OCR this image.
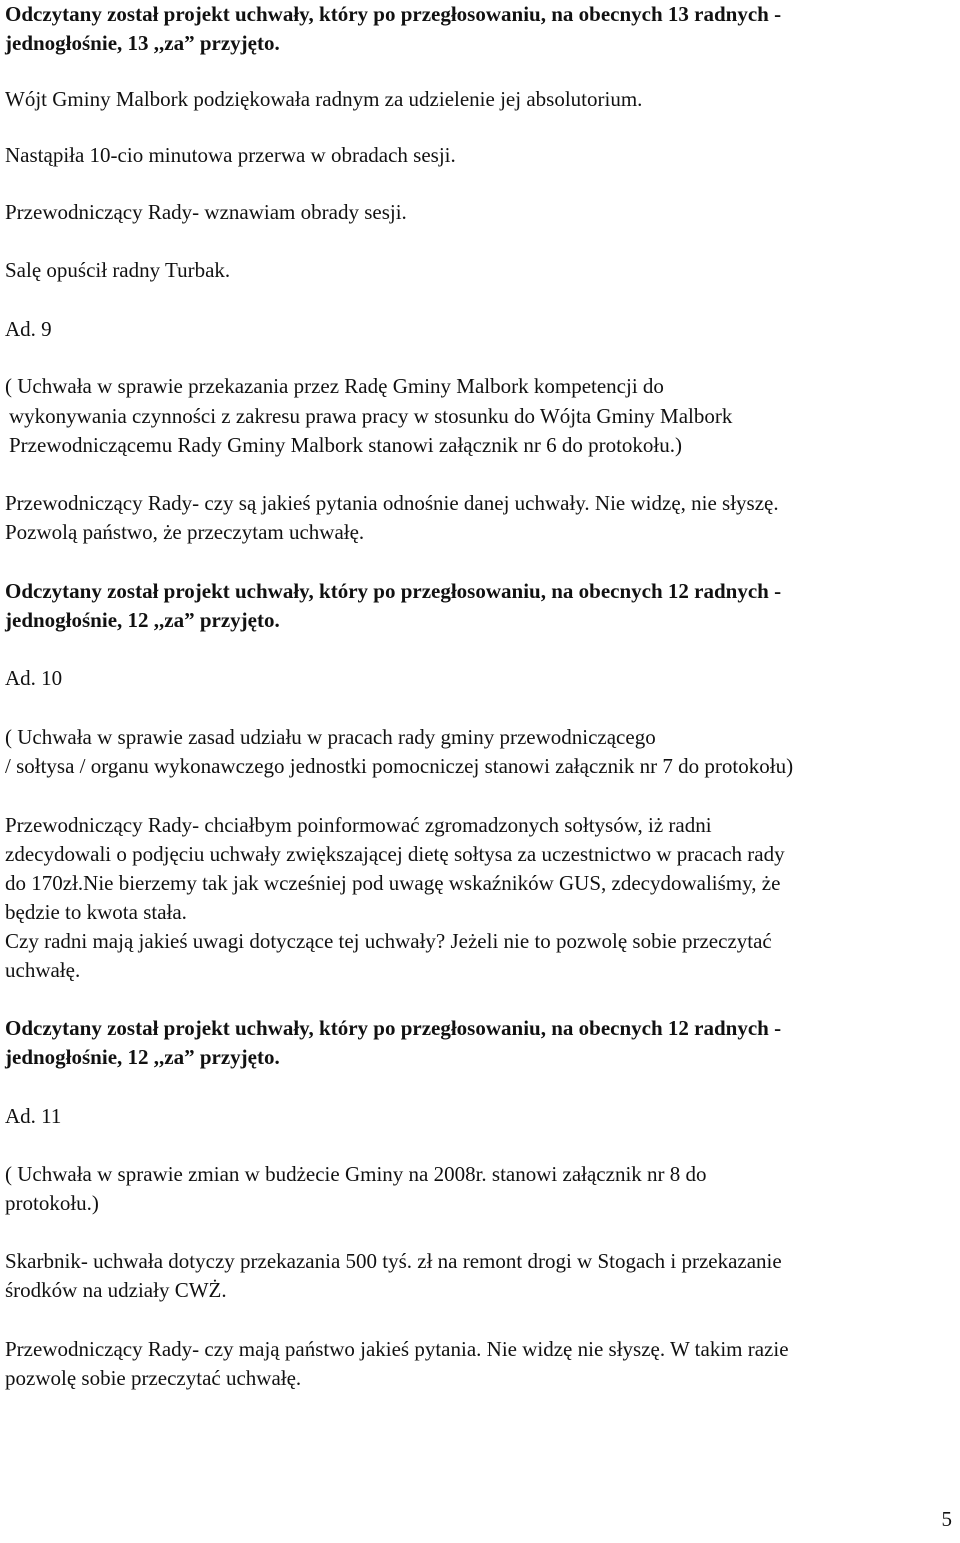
Odczytany został projekt uchwały, który po przegłosowaniu, na obecnych 13 radnych -
jednogłośnie, 13 ,,za” przyjęto.
Wójt Gminy Malbork podziękowała radnym za udzielenie jej absolutorium.
Nastąpiła 10-cio minutowa przerwa w obradach sesji.
Przewodniczący Rady- wznawiam obrady sesji.
Salę opuścił radny Turbak.
Ad. 9
( Uchwała w sprawie przekazania przez Radę Gminy Malbork kompetencji do
wykonywania czynności z zakresu prawa pracy w stosunku do Wójta Gminy Malbork
Przewodniczącemu Rady Gminy Malbork stanowi załącznik nr 6 do protokołu.)
Przewodniczący Rady- czy są jakieś pytania odnośnie danej uchwały. Nie widzę, nie słyszę.
Pozwolą państwo, że przeczytam uchwałę.
Odczytany został projekt uchwały, który po przegłosowaniu, na obecnych 12 radnych -
jednogłośnie, 12 ,,za” przyjęto.
Ad. 10
( Uchwała w sprawie zasad udziału w pracach rady gminy przewodniczącego
/ sołtysa / organu wykonawczego jednostki pomocniczej stanowi załącznik nr 7 do protokołu)
Przewodniczący Rady- chciałbym poinformować zgromadzonych sołtysów, iż radni
zdecydowali o podjęciu uchwały zwiększającej dietę sołtysa za uczestnictwo w pracach rady
do 170zł.Nie bierzemy tak jak wcześniej pod uwagę wskaźników GUS, zdecydowaliśmy, że
będzie to kwota stała.
Czy radni mają jakieś uwagi dotyczące tej uchwały? Jeżeli nie to pozwolę sobie przeczytać
uchwałę.
Odczytany został projekt uchwały, który po przegłosowaniu, na obecnych 12 radnych -
jednogłośnie, 12 ,,za” przyjęto.
Ad. 11
( Uchwała w sprawie zmian w budżecie Gminy na 2008r. stanowi załącznik nr 8 do
protokołu.)
Skarbnik- uchwała dotyczy przekazania 500 tyś. zł na remont drogi w Stogach i przekazanie
środków na udziały CWŻ.
Przewodniczący Rady- czy mają państwo jakieś pytania. Nie widzę nie słyszę. W takim razie
pozwolę sobie przeczytać uchwałę.
5
